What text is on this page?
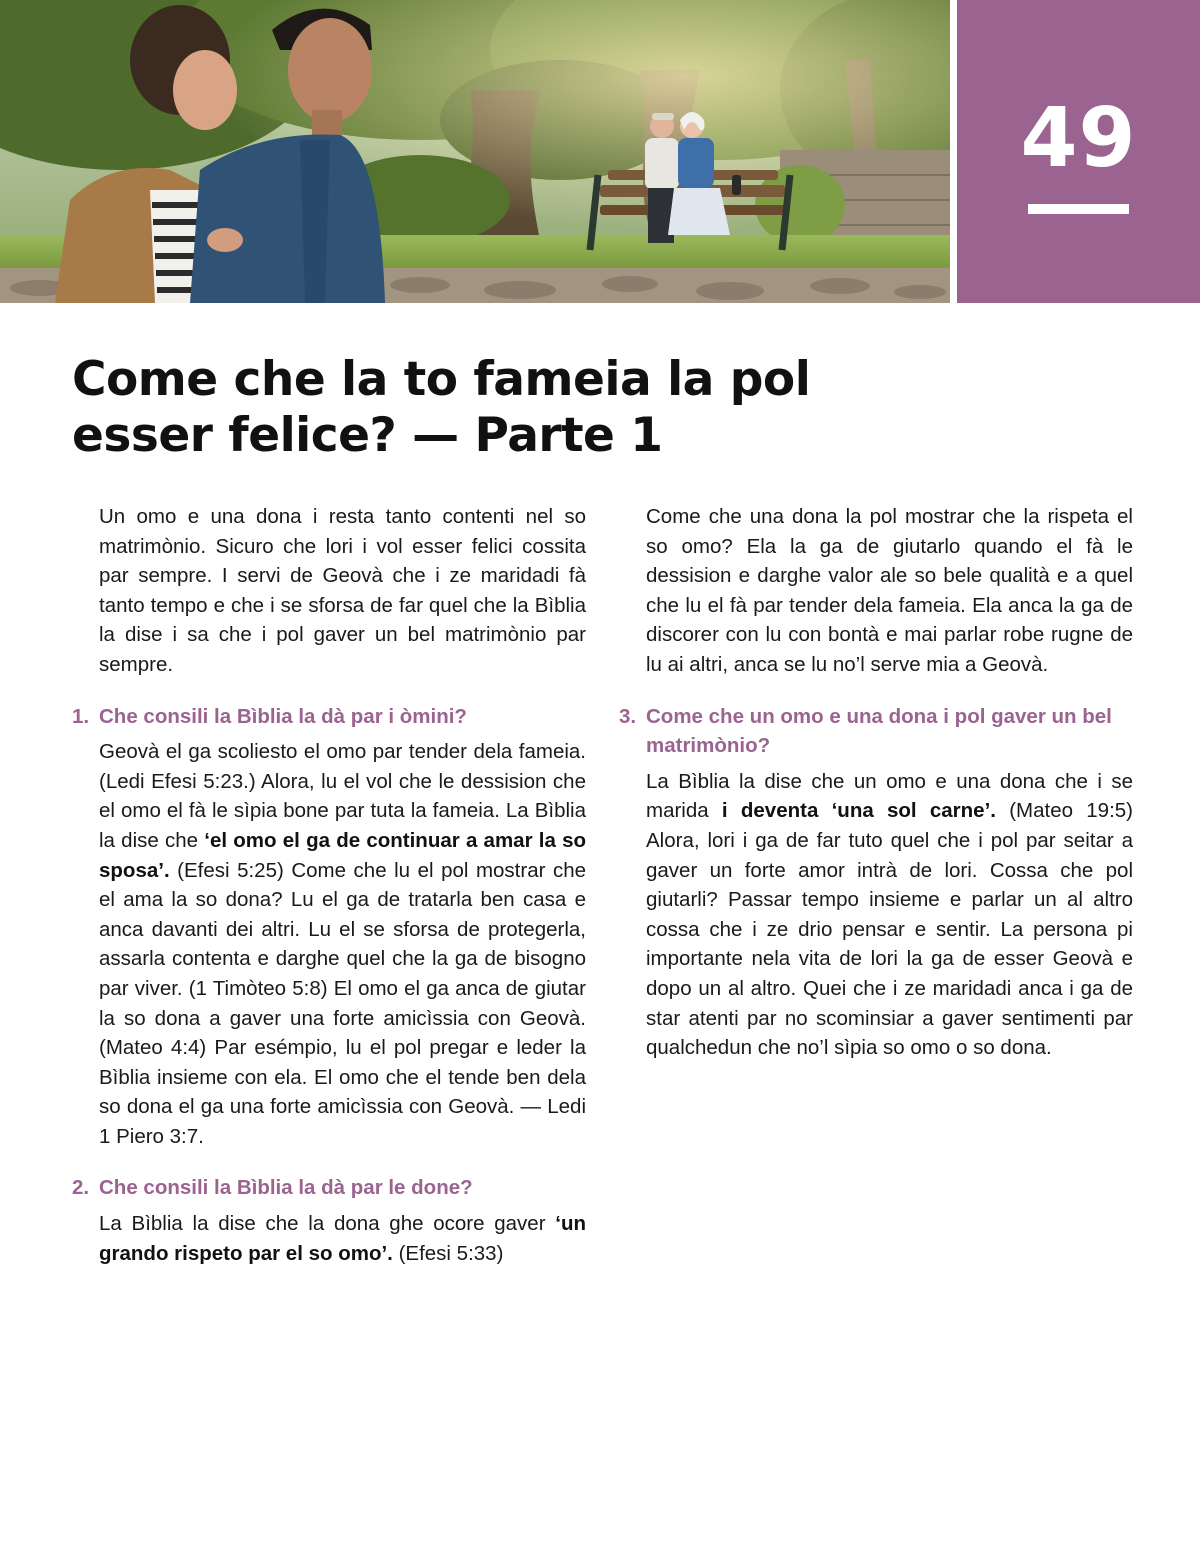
49
Come che la to fameia la pol esser felice? — Parte 1

Un omo e una dona i resta tanto contenti nel so matrimònio. Sicuro che lori i vol esser felici cossita par sempre. I servi de Geovà che i ze maridadi fà tanto tempo e che i se sforsa de far quel che la Bìblia la dise i sa che i pol gaver un bel matrimònio par sempre.

1. Che consili la Bìblia la dà par i òmini?

Geovà el ga scoliesto el omo par tender dela fameia. (Ledi Efesi 5:23.) Alora, lu el vol che le dessision che el omo el fà le sìpia bone par tuta la fameia. La Bìblia la dise che ‘el omo el ga de continuar a amar la so sposa’. (Efesi 5:25) Come che lu el pol mostrar che el ama la so dona? Lu el ga de tratarla ben casa e anca davanti dei altri. Lu el se sforsa de protegerla, assarla contenta e darghe quel che la ga de bisogno par viver. (1 Timòteo 5:8) El omo el ga anca de giutar la so dona a gaver una forte amicìssia con Geovà. (Mateo 4:4) Par esémpio, lu el pol pregar e leder la Bìblia insieme con ela. El omo che el tende ben dela so dona el ga una forte amicìssia con Geovà. — Ledi 1 Piero 3:7.

2. Che consili la Bìblia la dà par le done?

La Bìblia la dise che la dona ghe ocore gaver ‘un grando rispeto par el so omo’. (Efesi 5:33)

Come che una dona la pol mostrar che la rispeta el so omo? Ela la ga de giutarlo quando el fà le dessision e darghe valor ale so bele qualità e a quel che lu el fà par tender dela fameia. Ela anca la ga de discorer con lu con bontà e mai parlar robe rugne de lu ai altri, anca se lu no’l serve mia a Geovà.

3. Come che un omo e una dona i pol gaver un bel matrimònio?

La Bìblia la dise che un omo e una dona che i se marida i deventa ‘una sol carne’. (Mateo 19:5) Alora, lori i ga de far tuto quel che i pol par seitar a gaver un forte amor intrà de lori. Cossa che pol giutarli? Passar tempo insieme e parlar un al altro cossa che i ze drio pensar e sentir. La persona pi importante nela vita de lori la ga de esser Geovà e dopo un al altro. Quei che i ze maridadi anca i ga de star atenti par no scominsiar a gaver sentimenti par qualchedun che no’l sìpia so omo o so dona.
